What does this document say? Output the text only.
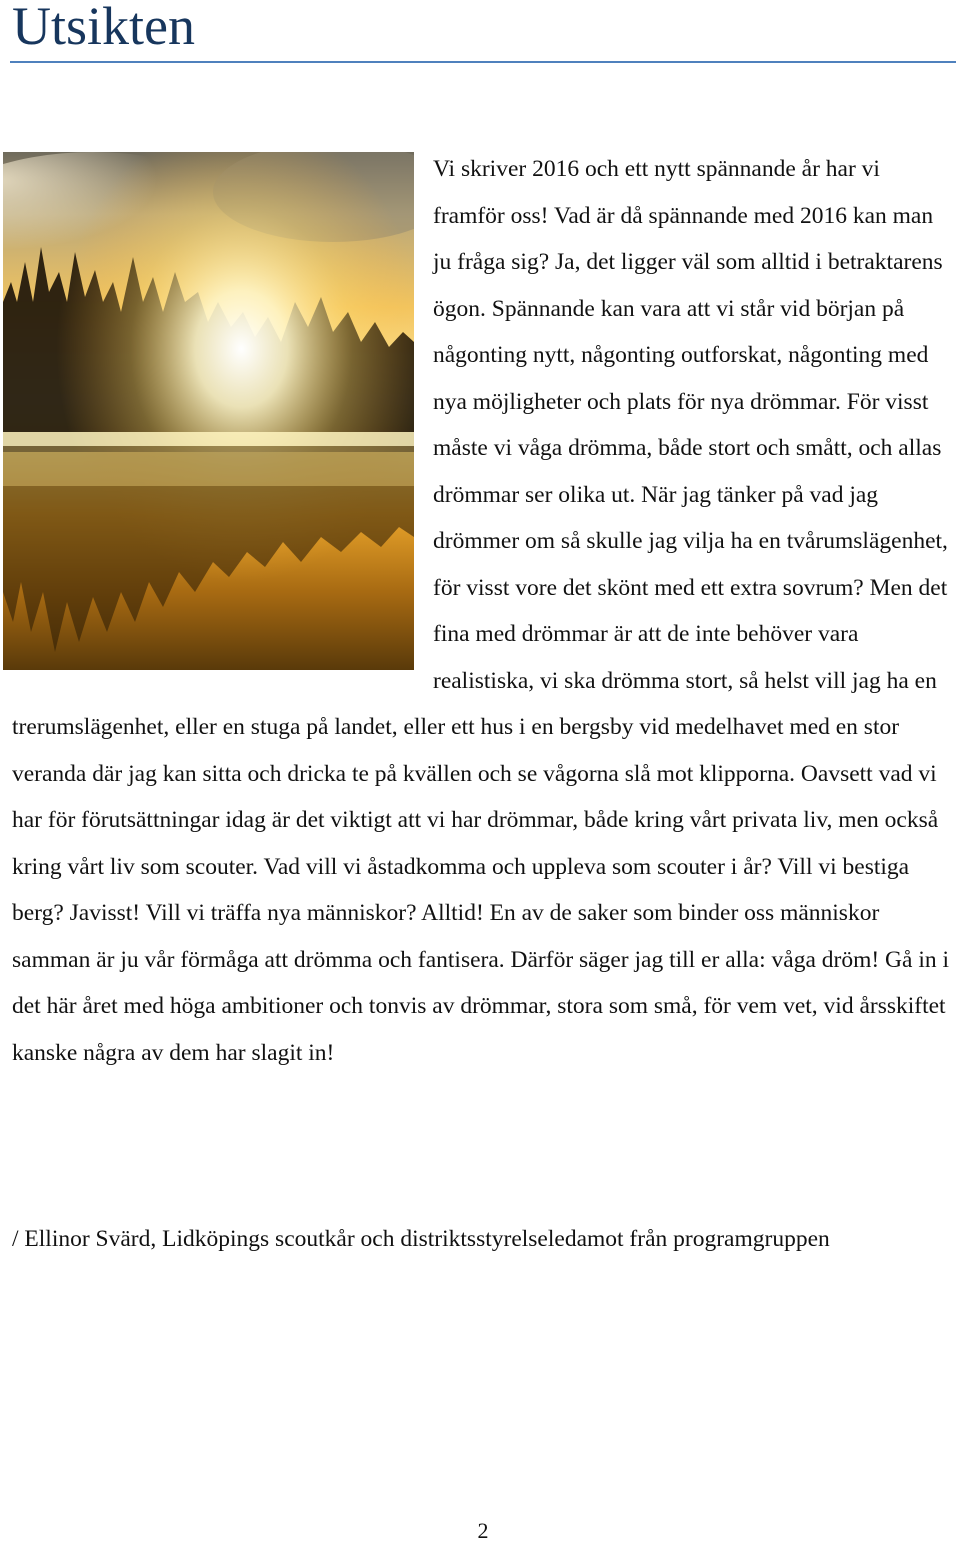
Utsikten

Vi skriver 2016 och ett nytt spännande år har vi framför oss! Vad är då spännande med 2016 kan man ju fråga sig? Ja, det ligger väl som alltid i betraktarens ögon. Spännande kan vara att vi står vid början på någonting nytt, någonting outforskat, någonting med nya möjligheter och plats för nya drömmar. För visst måste vi våga drömma, både stort och smått, och allas drömmar ser olika ut. När jag tänker på vad jag drömmer om så skulle jag vilja ha en tvårumslägenhet, för visst vore det skönt med ett extra sovrum? Men det fina med drömmar är att de inte behöver vara realistiska, vi ska drömma stort, så helst vill jag ha en trerumslägenhet, eller en stuga på landet, eller ett hus i en bergsby vid medelhavet med en stor veranda där jag kan sitta och dricka te på kvällen och se vågorna slå mot klipporna. Oavsett vad vi har för förutsättningar idag är det viktigt att vi har drömmar, både kring vårt privata liv, men också kring vårt liv som scouter. Vad vill vi åstadkomma och uppleva som scouter i år? Vill vi bestiga berg? Javisst! Vill vi träffa nya människor? Alltid! En av de saker som binder oss människor samman är ju vår förmåga att drömma och fantisera. Därför säger jag till er alla: våga dröm! Gå in i det här året med höga ambitioner och tonvis av drömmar, stora som små, för vem vet, vid årsskiftet kanske några av dem har slagit in!

/ Ellinor Svärd, Lidköpings scoutkår och distriktsstyrelseledamot från programgruppen

2
